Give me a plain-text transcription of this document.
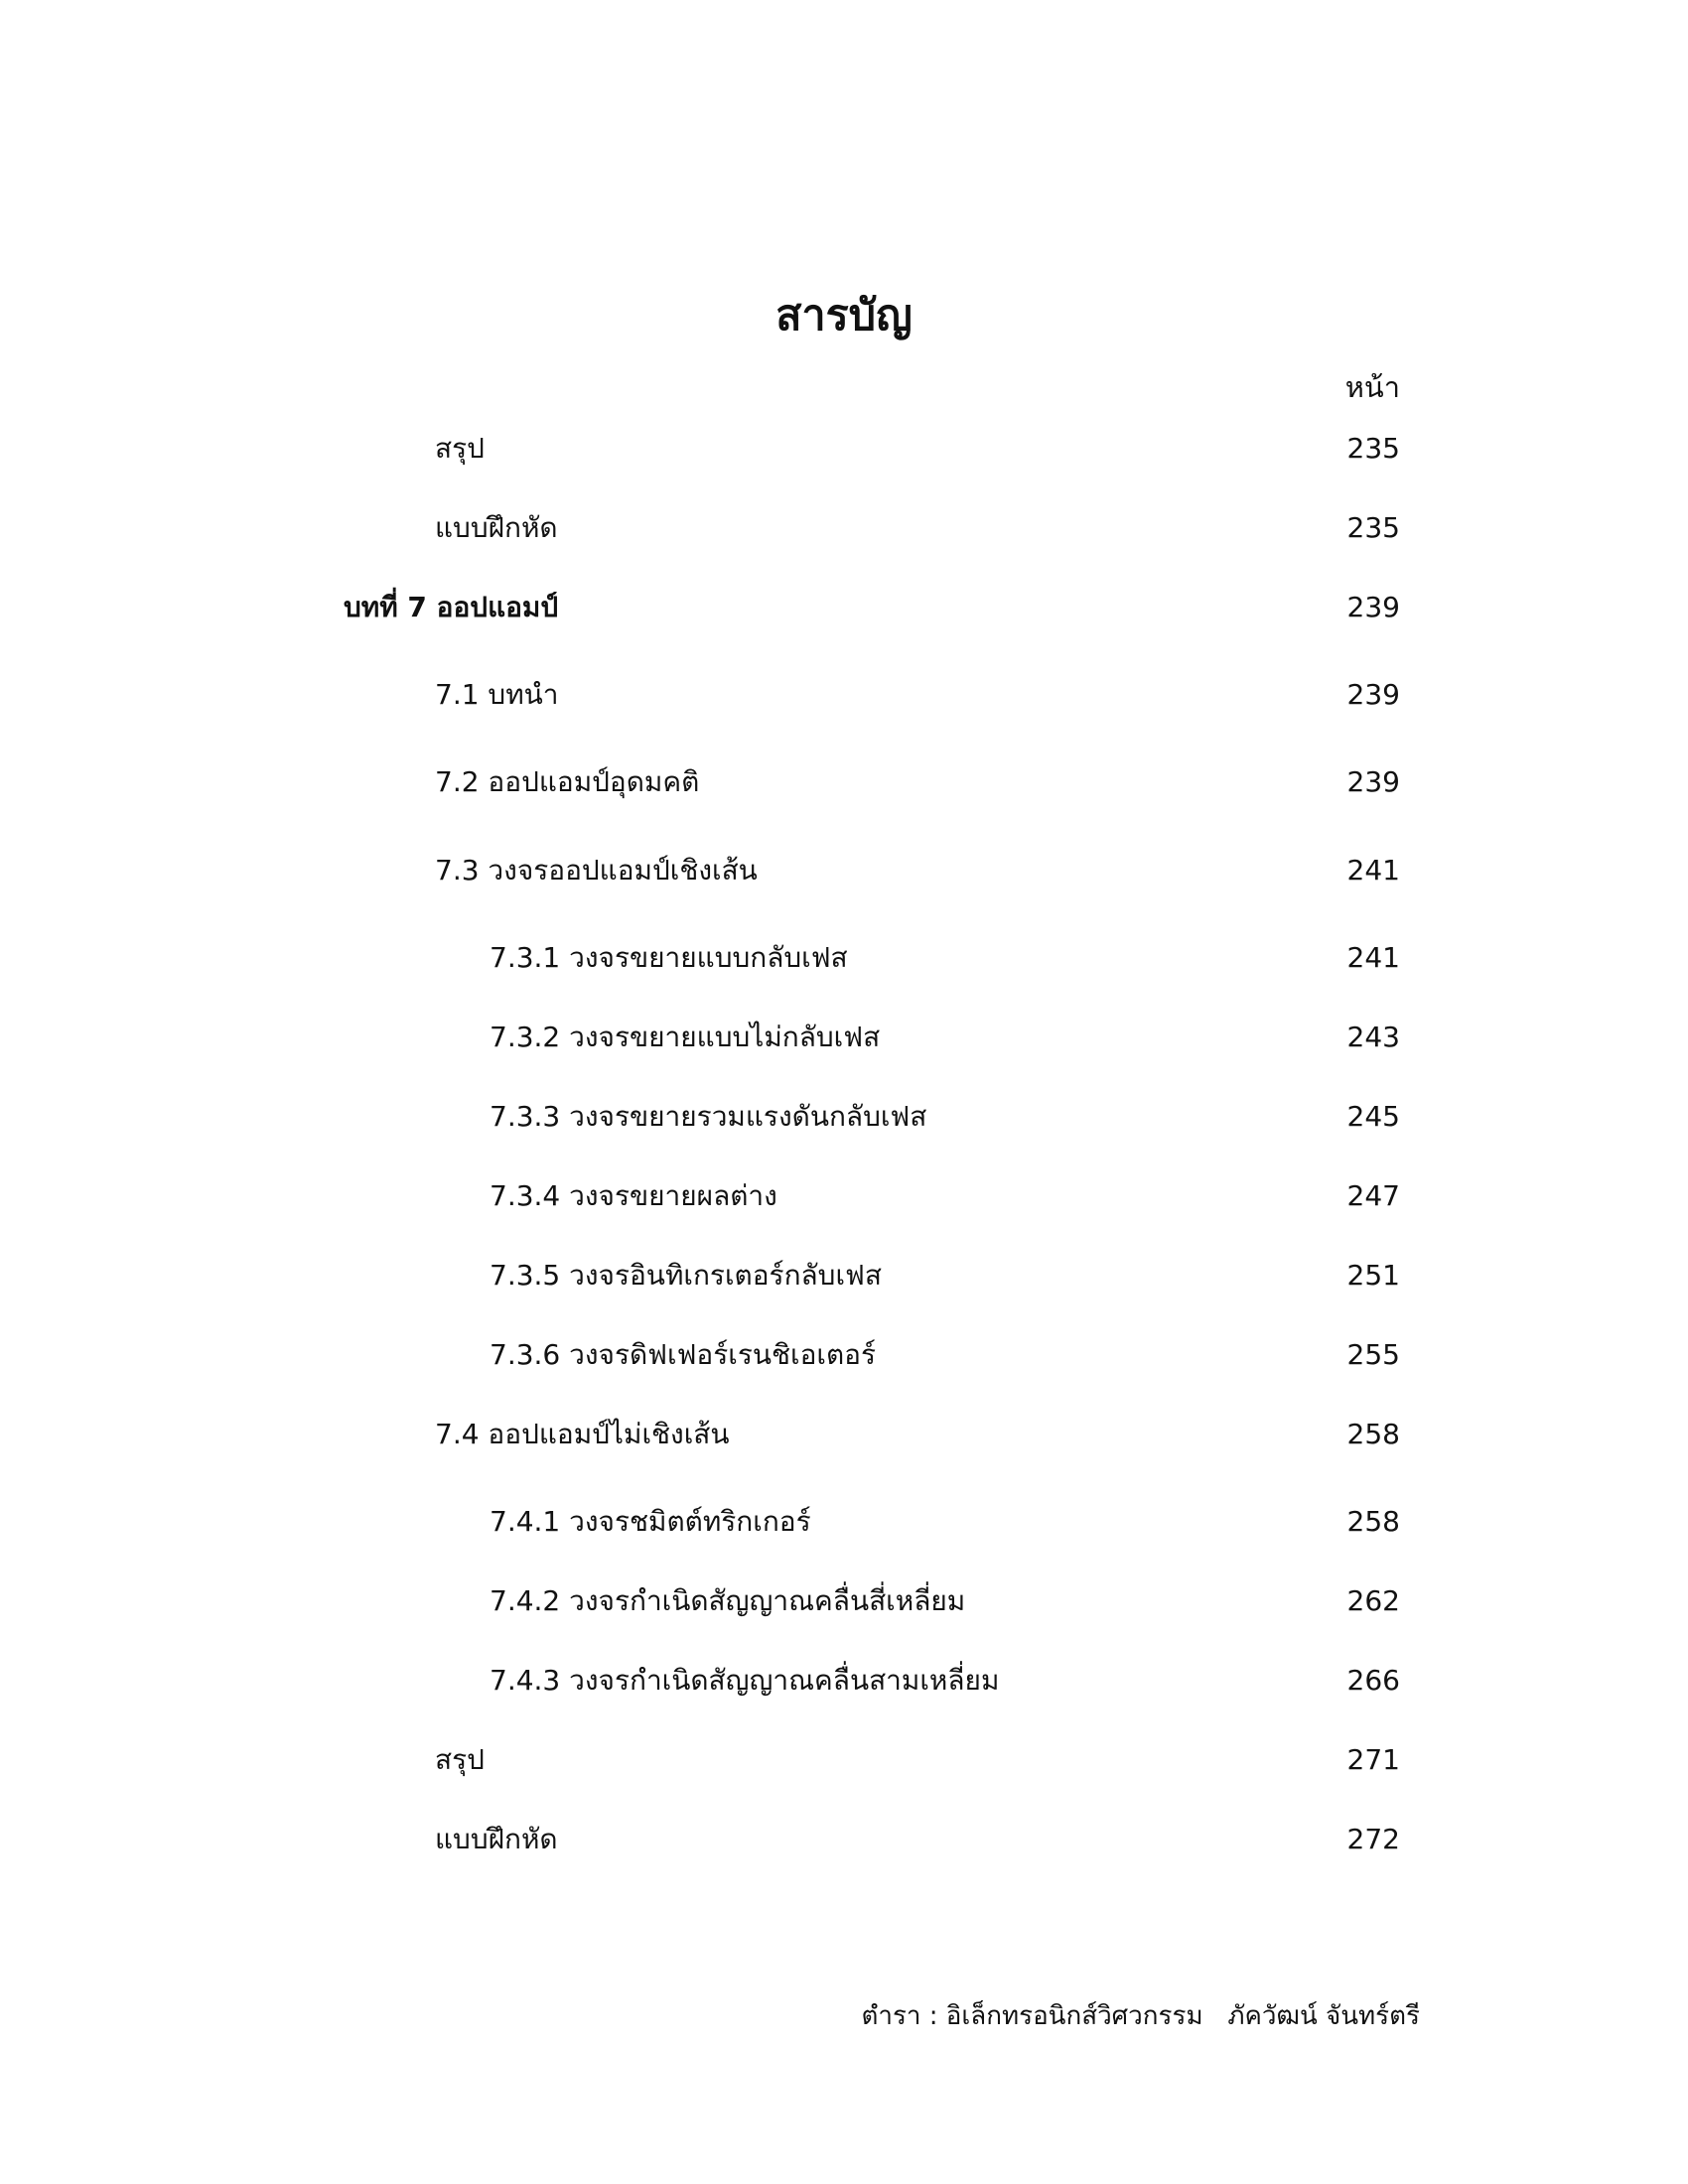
สารบัญ
หน้า
สรุป	235
แบบฝึกหัด	235
บทที่ 7 ออปแอมป์	239
7.1 บทนำ	239
7.2 ออปแอมป์อุดมคติ	239
7.3 วงจรออปแอมป์เชิงเส้น	241
7.3.1 วงจรขยายแบบกลับเฟส	241
7.3.2 วงจรขยายแบบไม่กลับเฟส	243
7.3.3 วงจรขยายรวมแรงดันกลับเฟส	245
7.3.4 วงจรขยายผลต่าง	247
7.3.5 วงจรอินทิเกรเตอร์กลับเฟส	251
7.3.6 วงจรดิฟเฟอร์เรนชิเอเตอร์	255
7.4 ออปแอมป์ไม่เชิงเส้น	258
7.4.1 วงจรชมิตต์ทริกเกอร์	258
7.4.2 วงจรกำเนิดสัญญาณคลื่นสี่เหลี่ยม	262
7.4.3 วงจรกำเนิดสัญญาณคลื่นสามเหลี่ยม	266
สรุป	271
แบบฝึกหัด	272
ตำรา : อิเล็กทรอนิกส์วิศวกรรม   ภัควัฒน์ จันทร์ตรี
